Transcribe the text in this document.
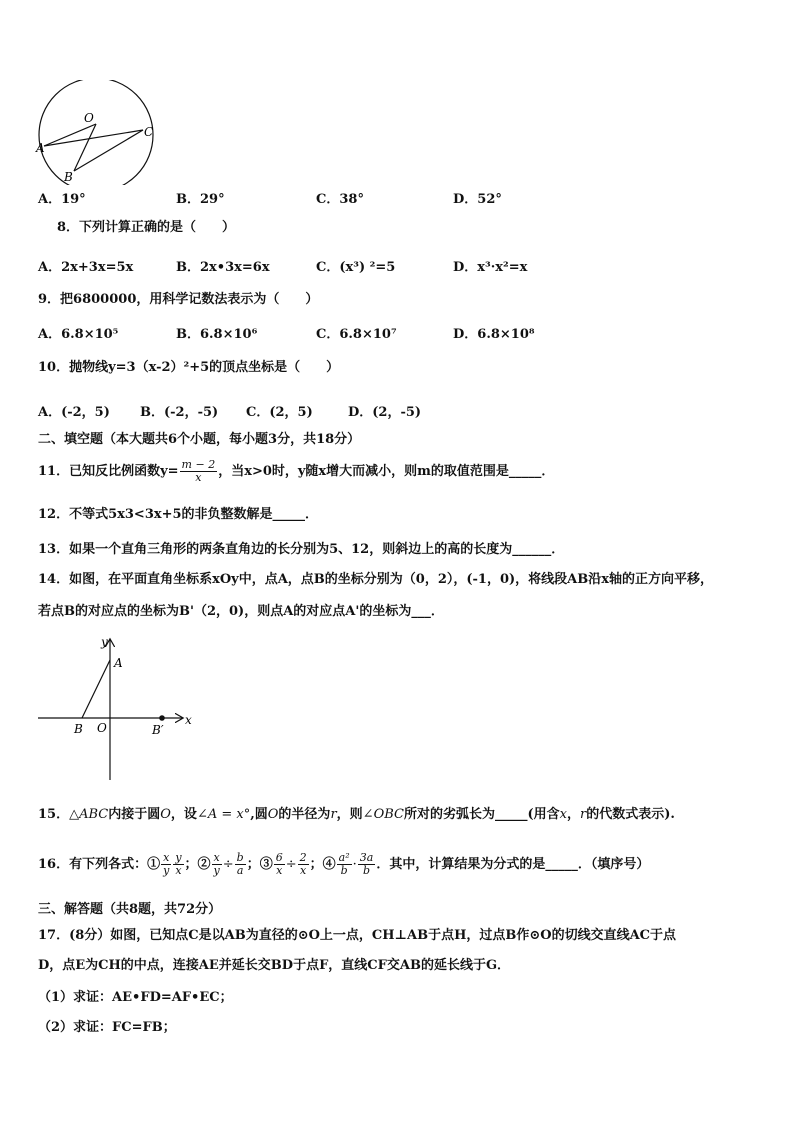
O
A
B
C
A．19°	B．29°	C．38°	D．52°
8．下列计算正确的是（　　）
A．2x+3x=5x	B．2x•3x=6x	C．(x³) ²=5	D．x³·x²=x
9．把6800000，用科学记数法表示为（　　）
A．6.8×10⁵	B．6.8×10⁶	C．6.8×10⁷	D．6.8×10⁸
10．抛物线y=3（x-2）²+5的顶点坐标是（　　）
A．(-2，5) B．(-2，-5) C．(2，5)	D．(2，-5)
二、填空题（本大题共6个小题，每小题3分，共18分）
11．已知反比例函数$y= \frac{m - 2}{x}$ ，当x>0时，y随x增大而减小，则m的取值范围是_____．
12．不等式5x3<3x+5的非负整数解是_____．
13．如果一个直角三角形的两条直角边的长分别为5、12，则斜边上的高的长度为______．
14．如图，在平面直角坐标系xOy中，点A，点B的坐标分别为（0，2），(-1，0)，将线段AB沿x轴的正方向平移，
若点B的对应点的坐标为B'（2，0)，则点A的对应点A'的坐标为___．
y
x
A
B O	B′
15．△ABC内接于圆O，设∠A = x°,圆O的半径为r，则∠OBC所对的劣弧长为_____(用含x，r的代数式表示).
16．有下列各式：① $\frac{x}{y} \frac{y}{x}$ ；② $\frac{x}{y} \div \frac{b}{a}$ ；③ $\frac{6}{x} \div \frac{2}{x}$ ；④ $\frac{\text{a²}}{b} \cdot \frac{3a}{b}$ ．其中，计算结果为分式的是_____．（填序号）
三、解答题（共8题，共72分）
17．(8分）如图，已知点C是以AB为直径的⊙O上一点，CH⊥AB于点H，过点B作⊙O的切线交直线AC于点
D，点E为CH的中点，连接AE并延长交BD于点F，直线CF交AB的延长线于G．
（1）求证：AE•FD=AF•EC；
（2）求证：FC=FB；
